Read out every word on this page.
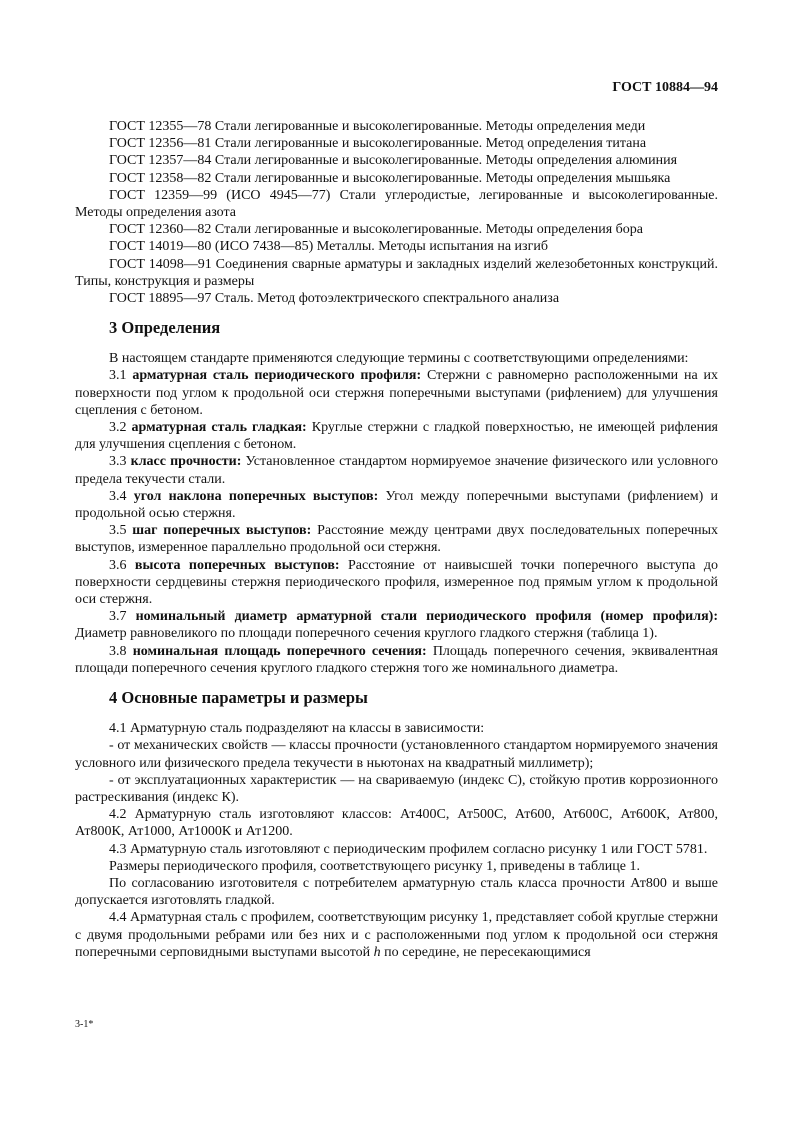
ГОСТ 10884—94

ГОСТ 12355—78 Стали легированные и высоколегированные. Методы определения меди

ГОСТ 12356—81 Стали легированные и высоколегированные. Метод определения титана

ГОСТ 12357—84 Стали легированные и высоколегированные. Методы определения алюминия

ГОСТ 12358—82 Стали легированные и высоколегированные. Методы определения мышьяка

ГОСТ 12359—99 (ИСО 4945—77) Стали углеродистые, легированные и высоколегированные. Методы определения азота

ГОСТ 12360—82 Стали легированные и высоколегированные. Методы определения бора

ГОСТ 14019—80 (ИСО 7438—85) Металлы. Методы испытания на изгиб

ГОСТ 14098—91 Соединения сварные арматуры и закладных изделий железобетонных конструкций. Типы, конструкция и размеры

ГОСТ 18895—97 Сталь. Метод фотоэлектрического спектрального анализа

3 Определения

В настоящем стандарте применяются следующие термины с соответствующими определениями:

3.1 арматурная сталь периодического профиля: Стержни с равномерно расположенными на их поверхности под углом к продольной оси стержня поперечными выступами (рифлением) для улучшения сцепления с бетоном.

3.2 арматурная сталь гладкая: Круглые стержни с гладкой поверхностью, не имеющей рифления для улучшения сцепления с бетоном.

3.3 класс прочности: Установленное стандартом нормируемое значение физического или условного предела текучести стали.

3.4 угол наклона поперечных выступов: Угол между поперечными выступами (рифлением) и продольной осью стержня.

3.5 шаг поперечных выступов: Расстояние между центрами двух последовательных поперечных выступов, измеренное параллельно продольной оси стержня.

3.6 высота поперечных выступов: Расстояние от наивысшей точки поперечного выступа до поверхности сердцевины стержня периодического профиля, измеренное под прямым углом к продольной оси стержня.

3.7 номинальный диаметр арматурной стали периодического профиля (номер профиля): Диаметр равновеликого по площади поперечного сечения круглого гладкого стержня (таблица 1).

3.8 номинальная площадь поперечного сечения: Площадь поперечного сечения, эквивалентная площади поперечного сечения круглого гладкого стержня того же номинального диаметра.

4 Основные параметры и размеры

4.1 Арматурную сталь подразделяют на классы в зависимости:

- от механических свойств — классы прочности (установленного стандартом нормируемого значения условного или физического предела текучести в ньютонах на квадратный миллиметр);

- от эксплуатационных характеристик — на свариваемую (индекс С), стойкую против коррозионного растрескивания (индекс К).

4.2 Арматурную сталь изготовляют классов: Ат400С, Ат500С, Ат600, Ат600С, Ат600К, Ат800, Ат800К, Ат1000, Ат1000К и Ат1200.

4.3 Арматурную сталь изготовляют с периодическим профилем согласно рисунку 1 или ГОСТ 5781.

Размеры периодического профиля, соответствующего рисунку 1, приведены в таблице 1.

По согласованию изготовителя с потребителем арматурную сталь класса прочности Ат800 и выше допускается изготовлять гладкой.

4.4 Арматурная сталь с профилем, соответствующим рисунку 1, представляет собой круглые стержни с двумя продольными ребрами или без них и с расположенными под углом к продольной оси стержня поперечными серповидными выступами высотой h по середине, не пересекающимися

3-1*
